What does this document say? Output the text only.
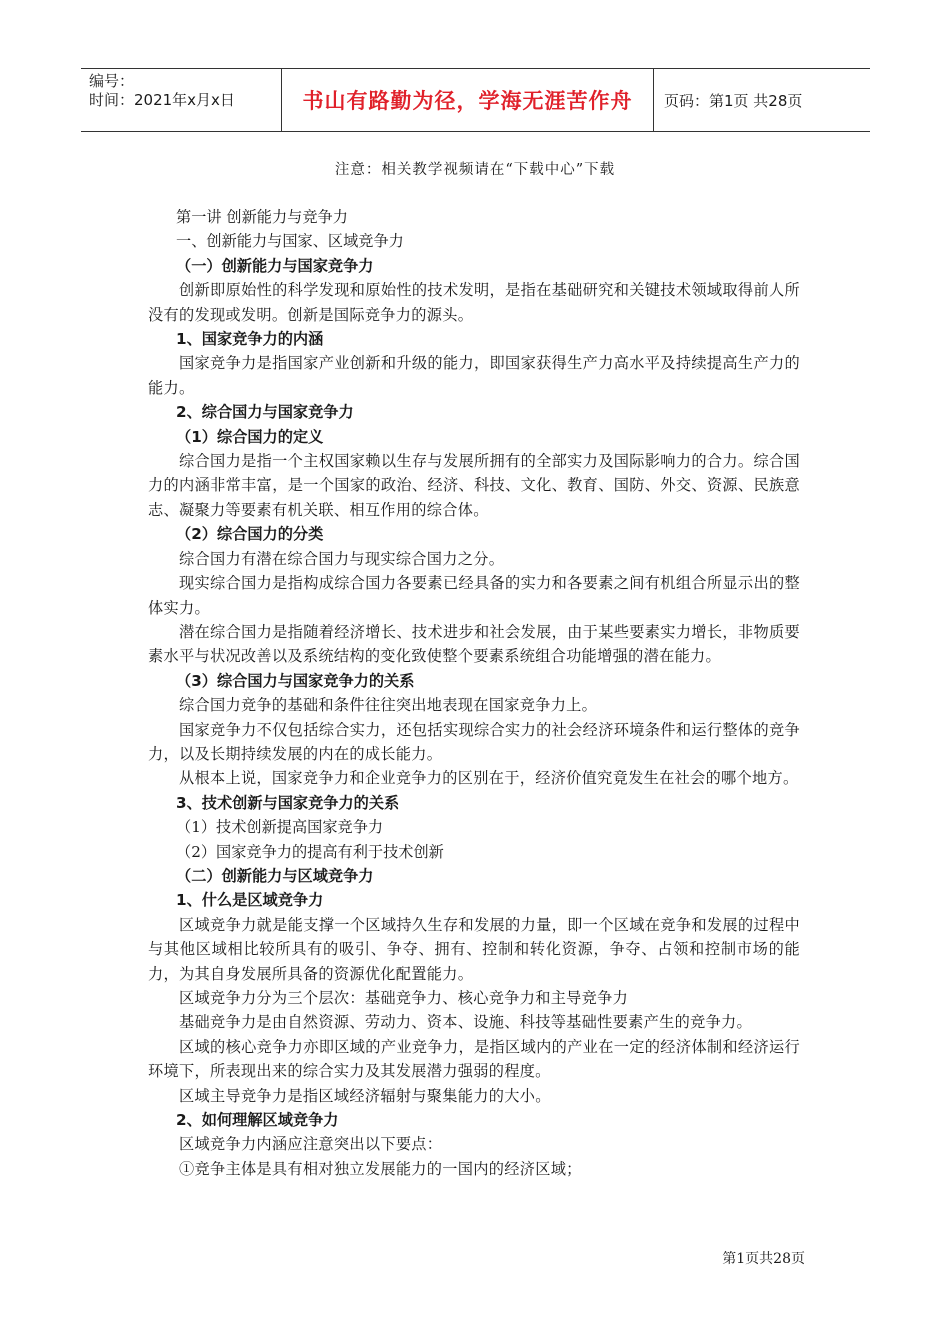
编号：
时间：2021年x月x日	书山有路勤为径，学海无涯苦作舟	页码：第1页 共28页
注意：相关教学视频请在“下载中心”下载

第一讲 创新能力与竞争力

一、创新能力与国家、区域竞争力

（一）创新能力与国家竞争力

创新即原始性的科学发现和原始性的技术发明，是指在基础研究和关键技术领域取得前人所没有的发现或发明。创新是国际竞争力的源头。

1、国家竞争力的内涵

国家竞争力是指国家产业创新和升级的能力，即国家获得生产力高水平及持续提高生产力的能力。

2、综合国力与国家竞争力

（1）综合国力的定义

综合国力是指一个主权国家赖以生存与发展所拥有的全部实力及国际影响力的合力。综合国力的内涵非常丰富，是一个国家的政治、经济、科技、文化、教育、国防、外交、资源、民族意志、凝聚力等要素有机关联、相互作用的综合体。

（2）综合国力的分类

综合国力有潜在综合国力与现实综合国力之分。

现实综合国力是指构成综合国力各要素已经具备的实力和各要素之间有机组合所显示出的整体实力。

潜在综合国力是指随着经济增长、技术进步和社会发展，由于某些要素实力增长，非物质要素水平与状况改善以及系统结构的变化致使整个要素系统组合功能增强的潜在能力。

（3）综合国力与国家竞争力的关系

综合国力竞争的基础和条件往往突出地表现在国家竞争力上。

国家竞争力不仅包括综合实力，还包括实现综合实力的社会经济环境条件和运行整体的竞争力，以及长期持续发展的内在的成长能力。

从根本上说，国家竞争力和企业竞争力的区别在于，经济价值究竟发生在社会的哪个地方。

3、技术创新与国家竞争力的关系

（1）技术创新提高国家竞争力

（2）国家竞争力的提高有利于技术创新

（二）创新能力与区域竞争力

1、什么是区域竞争力

区域竞争力就是能支撑一个区域持久生存和发展的力量，即一个区域在竞争和发展的过程中与其他区域相比较所具有的吸引、争夺、拥有、控制和转化资源，争夺、占领和控制市场的能力，为其自身发展所具备的资源优化配置能力。

区域竞争力分为三个层次：基础竞争力、核心竞争力和主导竞争力

基础竞争力是由自然资源、劳动力、资本、设施、科技等基础性要素产生的竞争力。

区域的核心竞争力亦即区域的产业竞争力，是指区域内的产业在一定的经济体制和经济运行环境下，所表现出来的综合实力及其发展潜力强弱的程度。

区域主导竞争力是指区域经济辐射与聚集能力的大小。

2、如何理解区域竞争力

区域竞争力内涵应注意突出以下要点：

①竞争主体是具有相对独立发展能力的一国内的经济区域；

第1页共28页
